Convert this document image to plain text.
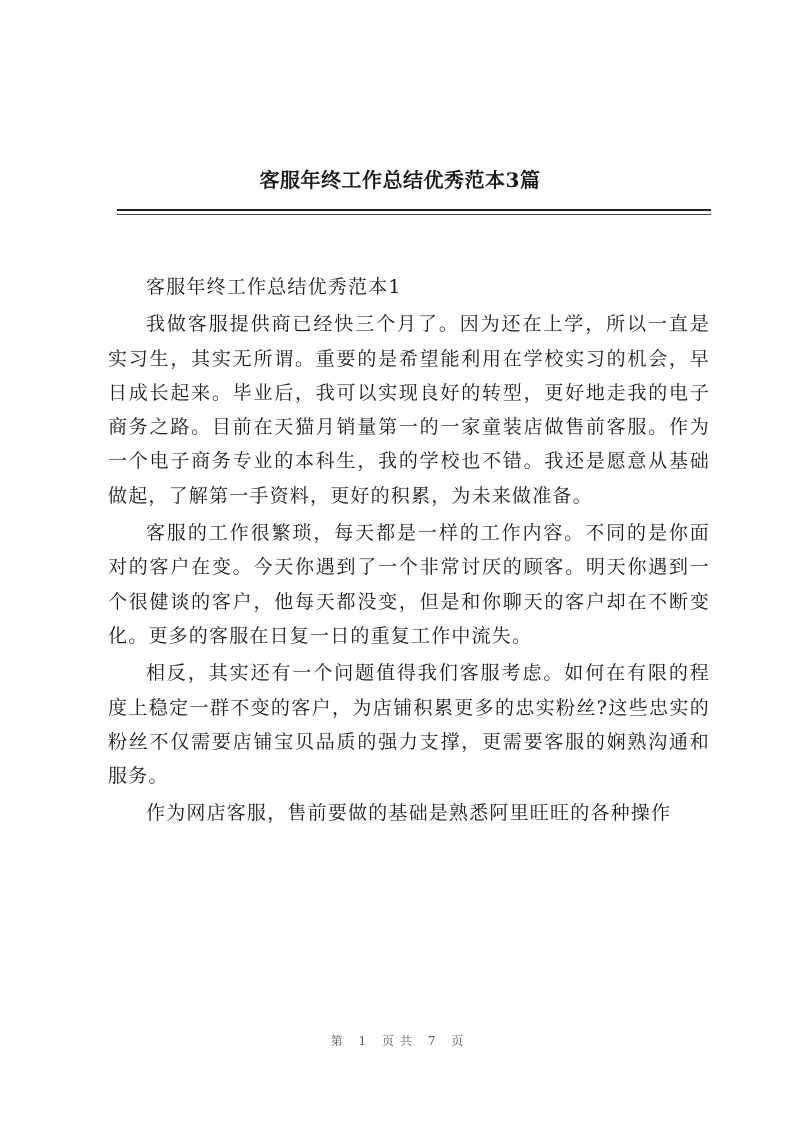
客服年终工作总结优秀范本3篇

客服年终工作总结优秀范本1

我做客服提供商已经快三个月了。因为还在上学，所以一直是实习生，其实无所谓。重要的是希望能利用在学校实习的机会，早日成长起来。毕业后，我可以实现良好的转型，更好地走我的电子商务之路。目前在天猫月销量第一的一家童装店做售前客服。作为一个电子商务专业的本科生，我的学校也不错。我还是愿意从基础做起，了解第一手资料，更好的积累，为未来做准备。

客服的工作很繁琐，每天都是一样的工作内容。不同的是你面对的客户在变。今天你遇到了一个非常讨厌的顾客。明天你遇到一个很健谈的客户，他每天都没变，但是和你聊天的客户却在不断变化。更多的客服在日复一日的重复工作中流失。

相反，其实还有一个问题值得我们客服考虑。如何在有限的程度上稳定一群不变的客户，为店铺积累更多的忠实粉丝?这些忠实的粉丝不仅需要店铺宝贝品质的强力支撑，更需要客服的娴熟沟通和服务。

作为网店客服，售前要做的基础是熟悉阿里旺旺的各种操作

第 1 页共 7 页
